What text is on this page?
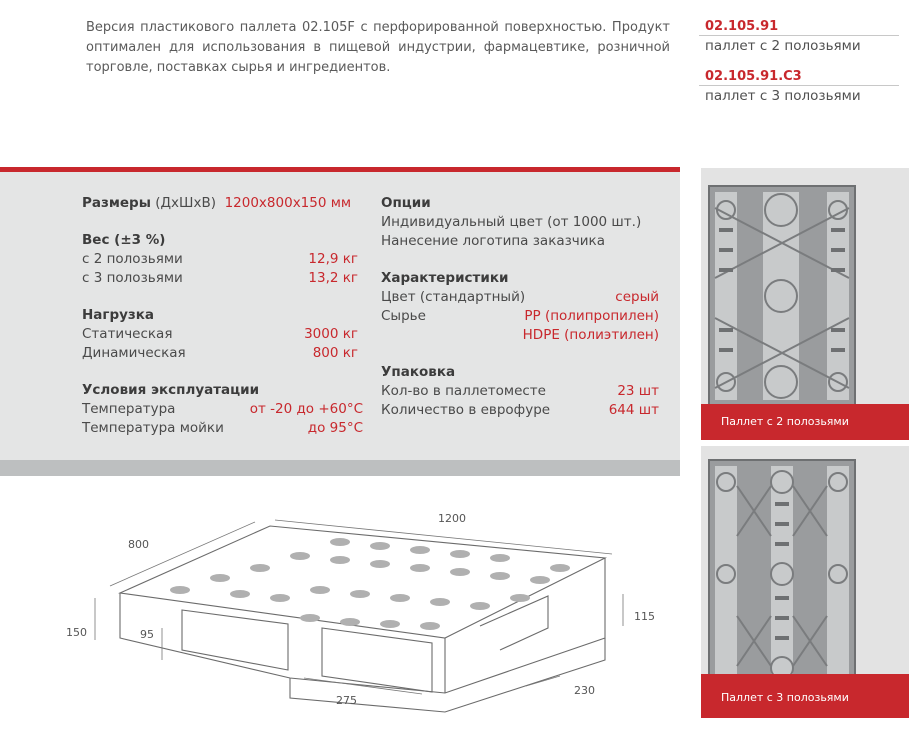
Версия пластикового паллета 02.105F с перфорированной поверхностью. Продукт оптимален для использования в пищевой индустрии, фармацевтике, розничной торговле, поставках сырья и ингредиентов.

02.105.91
паллет с 2 полозьями
02.105.91.C3
паллет с 3 полозьями
Размеры (ДхШхВ) 1200x800x150 мм
Вес (±3 %)
с 2 полозьями	12,9 кг
с 3 полозьями	13,2 кг
Нагрузка
Статическая	3000 кг
Динамическая	800 кг
Условия эксплуатации
Температура	от -20 до +60°С
Температура мойки	до 95°С
Опции
Индивидуальный цвет (от 1000 шт.)
Нанесение логотипа заказчика
Характеристики
Цвет (стандартный)	серый
Сырье	РР (полипропилен)
HDPE (полиэтилен)
Упаковка
Кол-во в паллетоместе	23 шт
Количество в еврофуре	644 шт
Паллет с 2 полозьями
Паллет с 3 полозьями
1200
800
150	95
115
275
230
